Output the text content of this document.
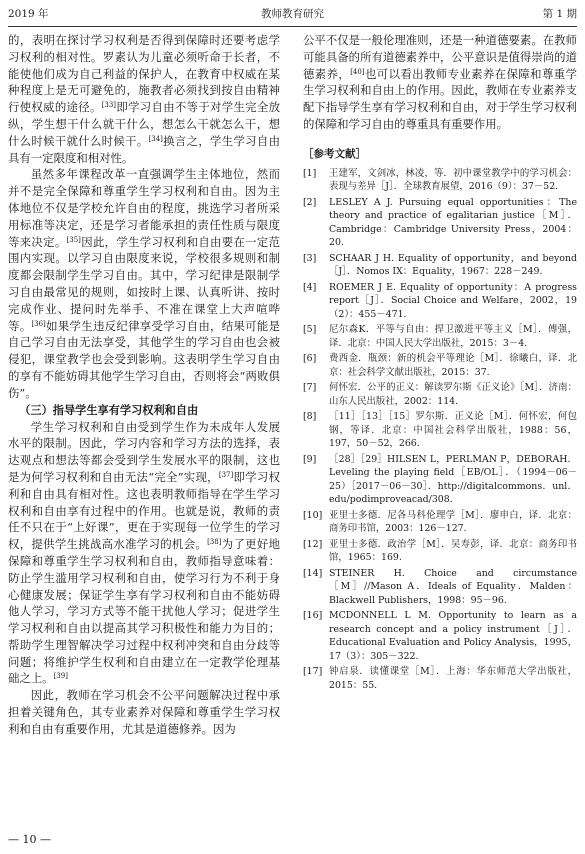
2019 年	教师教育研究	第 1 期

的，表明在探讨学习权利是否得到保障时还要考虑学习权利的相对性。罗素认为儿童必须听命于长者，不能使他们成为自己利益的保护人，在教育中权威在某种程度上是无可避免的，施教者必须找到按自由精神行使权威的途径。[33]即学习自由不等于对学生完全放纵，学生想干什么就干什么，想怎么干就怎么干，想什么时候干就什么时候干。[34]换言之，学生学习自由具有一定限度和相对性。

虽然多年课程改革一直强调学生主体地位，然而并不是完全保障和尊重学生学习权利和自由。因为主体地位不仅是学校允许自由的程度，挑选学习者所采用标准等决定，还是学习者能承担的责任性质与限度等来决定。[35]因此，学生学习权利和自由要在一定范围内实现。以学习自由限度来说，学校很多规则和制度都会限制学生学习自由。其中，学习纪律是限制学习自由最常见的规则，如按时上课、认真听讲、按时完成作业、提问时先举手、不准在课堂上大声喧哗等。[36]如果学生违反纪律享受学习自由，结果可能是自己学习自由无法享受，其他学生的学习自由也会被侵犯，课堂教学也会受到影响。这表明学生学习自由的享有不能妨碍其他学生学习自由，否则将会“两败俱伤”。

（三）指导学生享有学习权利和自由

学生学习权利和自由受到学生作为未成年人发展水平的限制。因此，学习内容和学习方法的选择，表达观点和想法等都会受到学生发展水平的限制，这也是为何学习权利和自由无法“完全”实现，[37]即学习权利和自由具有相对性。这也表明教师指导在学生学习权利和自由享有过程中的作用。也就是说，教师的责任不只在于“上好课”，更在于实现每一位学生的学习权，提供学生挑战高水准学习的机会。[38]为了更好地保障和尊重学生学习权利和自由，教师指导意味着：防止学生滥用学习权利和自由，使学习行为不利于身心健康发展；保证学生享有学习权利和自由不能妨碍他人学习，学习方式等不能干扰他人学习；促进学生学习权利和自由以提高其学习积极性和能力为目的；帮助学生理智解决学习过程中权利冲突和自由分歧等问题；将维护学生权利和自由建立在一定教学伦理基础之上。[39]

因此，教师在学习机会不公平问题解决过程中承担着关键角色，其专业素养对保障和尊重学生学习权利和自由有重要作用，尤其是道德修养。因为

公平不仅是一般伦理准则，还是一种道德要素。在教师可能具备的所有道德素养中，公平意识是值得崇尚的道德素养，[40]也可以看出教师专业素养在保障和尊重学生学习权利和自由上的作用。因此，教师在专业素养支配下指导学生享有学习权利和自由，对于学生学习权利的保障和学习自由的尊重具有重要作用。

［参考文献］
[1]	王建军，文剑冰，林凌，等．初中课堂教学中的学习机会：表现与差异［J］．全球教育展望，2016（9）：37－52.
[2]	LESLEY A J. Pursuing equal opportunities：The theory and practice of egalitarian justice［M］．Cambridge：Cambridge University Press，2004：20.
[3]	SCHAAR J H. Equality of opportunity，and beyond［J］．Nomos IX：Equality，1967：228－249.
[4]	ROEMER J E. Equality of opportunity：A progress report［J］．Social Choice and Welfare，2002，19（2）：455－471.
[5]	尼尔森K．平等与自由：捍卫激进平等主义［M］．傅强，译．北京：中国人民大学出版社，2015：3－4.
[6]	费西金．瓶颈：新的机会平等理论［M］．徐曦白，译．北京：社会科学文献出版社，2015：37.
[7]	何怀宏．公平的正义：解读罗尔斯《正义论》［M］．济南：山东人民出版社，2002：114.
[8]	［11］［13］［15］罗尔斯．正义论［M］．何怀宏，何包钢，等译．北京：中国社会科学出版社，1988：56，197，50－52，266.
[9]	［28］［29］HILSEN L，PERLMAN P，DEBORAH．Leveling the playing field［EB/OL］．（1994－06－25）［2017－06－30］．http://digitalcommons．unl．edu/podimproveacad/308.
[10] 亚里士多德．尼各马科伦理学［M］．廖申白，译．北京：商务印书馆，2003：126－127.
[12] 亚里士多德．政治学［M］．吴寿彭，译．北京：商务印书馆，1965：169.
[14] STEINER H. Choice and circumstance［M］//Mason A．Ideals of Equality．Malden：Blackwell Publishers，1998：95－96.
[16] MCDONNELL L M. Opportunity to learn as a research concept and a policy instrument［J］．Educational Evaluation and Policy Analysis，1995，17（3）：305－322.
[17] 钟启泉．读懂课堂［M］．上海：华东师范大学出版社，2015：55.
— 10 —
